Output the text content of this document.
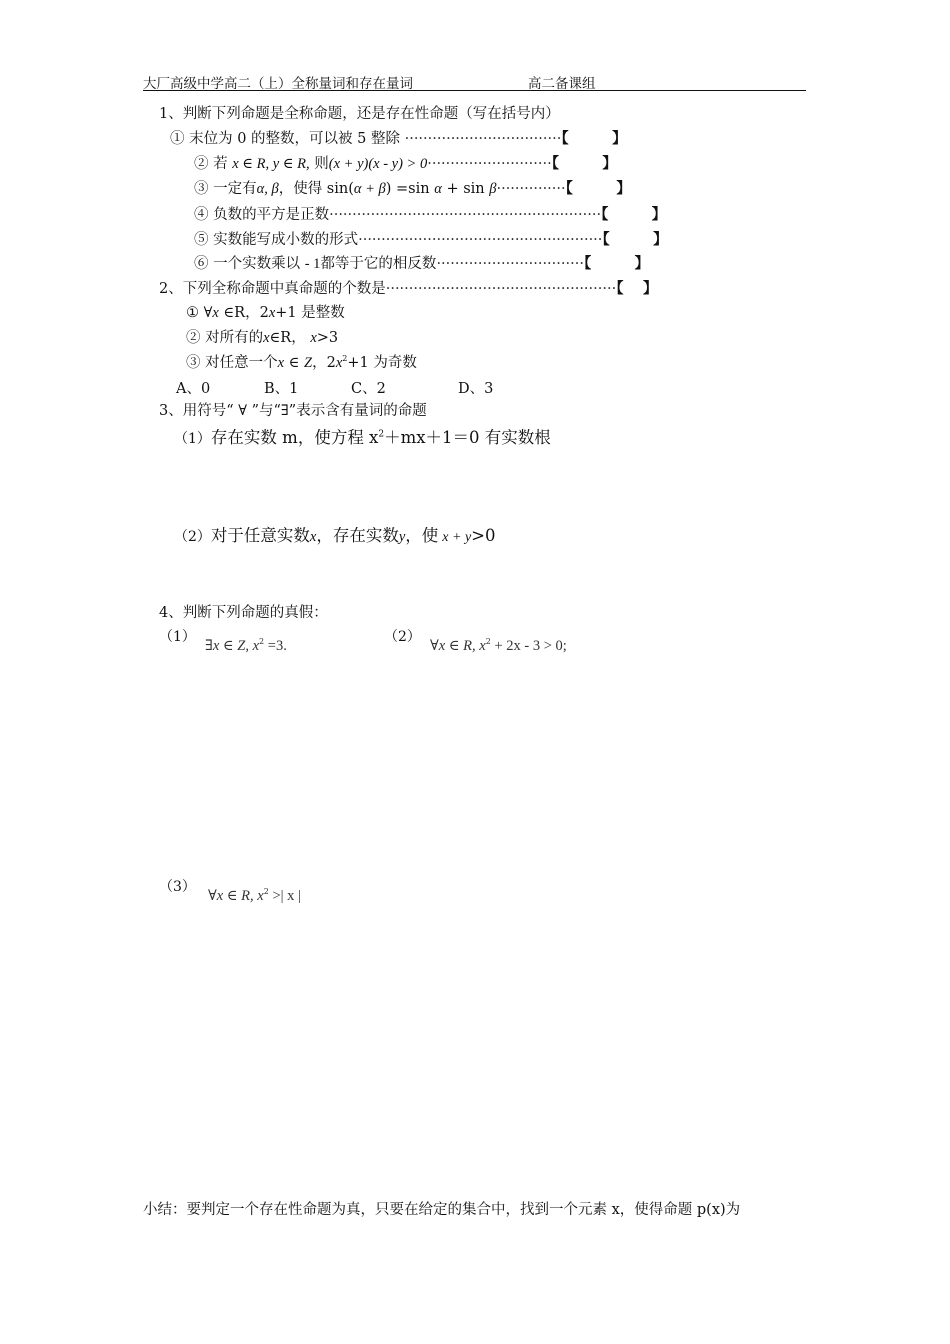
大厂高级中学高二（上）全称量词和存在量词	高二备课组
1、判断下列命题是全称命题，还是存在性命题（写在括号内）
① 末位为 0 的整数，可以被 5 整除 ··································【　　　】
② 若 x ∈ R, y ∈ R, 则(x + y)(x - y) > 0···························【　　　】
③ 一定有α, β，使得 sin(α + β) =sin α + sin β···············【　　　】
④ 负数的平方是正数···························································【　　　】
⑤ 实数能写成小数的形式·····················································【　　　】
⑥ 一个实数乘以 - 1都等于它的相反数································【　　　】
2、下列全称命题中真命题的个数是··················································【　 】
① ∀x ∈R，2x+1 是整数
② 对所有的x∈R， x>3
③ 对任意一个x ∈ Z，$2x^2+1$ 为奇数
A、0	B、1	C、2	D、3
3、用符号“ ∀ ”与“∃”表示含有量词的命题
（1）存在实数 m，使方程 $x^2+mx+1=0$ 有实数根
（2）对于任意实数x，存在实数y，使 x + y>0
4、判断下列命题的真假：
（1）
∃x ∈ Z, $x^2 =3$.
（2）
∀x ∈ R, $x^2 + 2x - 3 > 0$;
（3）
∀x ∈ R, $x^2$ >| x |
小结：要判定一个存在性命题为真，只要在给定的集合中，找到一个元素 x，使得命题 p(x)为
